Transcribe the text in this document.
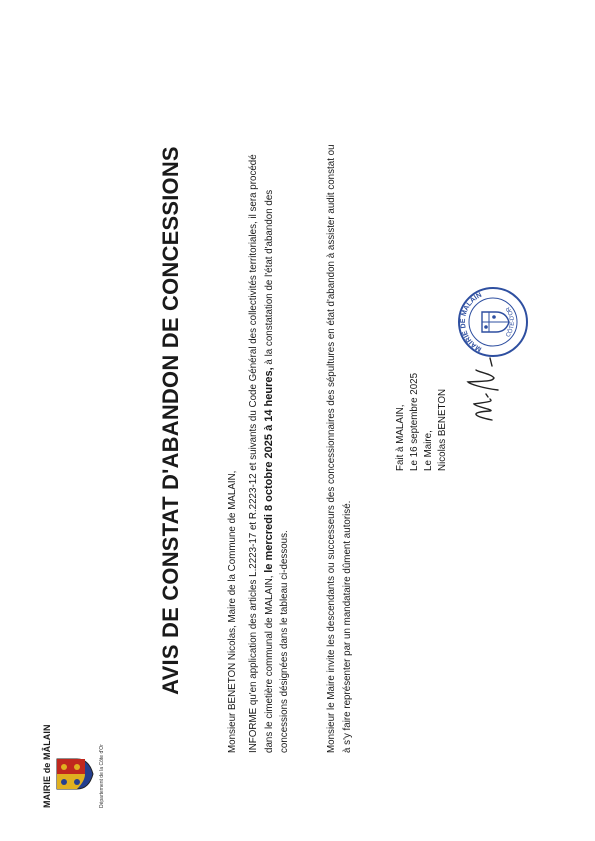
MAIRIE de MÂLAIN	Département de la Côte d'Or
AVIS DE CONSTAT D'ABANDON DE CONCESSIONS	Monsieur BENETON Nicolas, Maire de la Commune de MALAIN, INFORME qu'en application des articles L.2223-17 et R.2223-12 et suivants du Code Général des collectivités territoriales, il sera procédé dans le cimetière communal de MALAIN, le mercredi 8 octobre 2025 à 14 heures, à la constatation de l'état d'abandon des concessions désignées dans le tableau ci-dessous.	Monsieur le Maire invite les descendants ou successeurs des concessionnaires des sépultures en état d'abandon à assister audit constat ou à s'y faire représenter par un mandataire dûment autorisé.

Fait à MALAIN, Le 16 septembre 2025 Le Maire, Nicolas BENETON
MAIRIE DE MÂLAIN
CÔTE-D'OR
